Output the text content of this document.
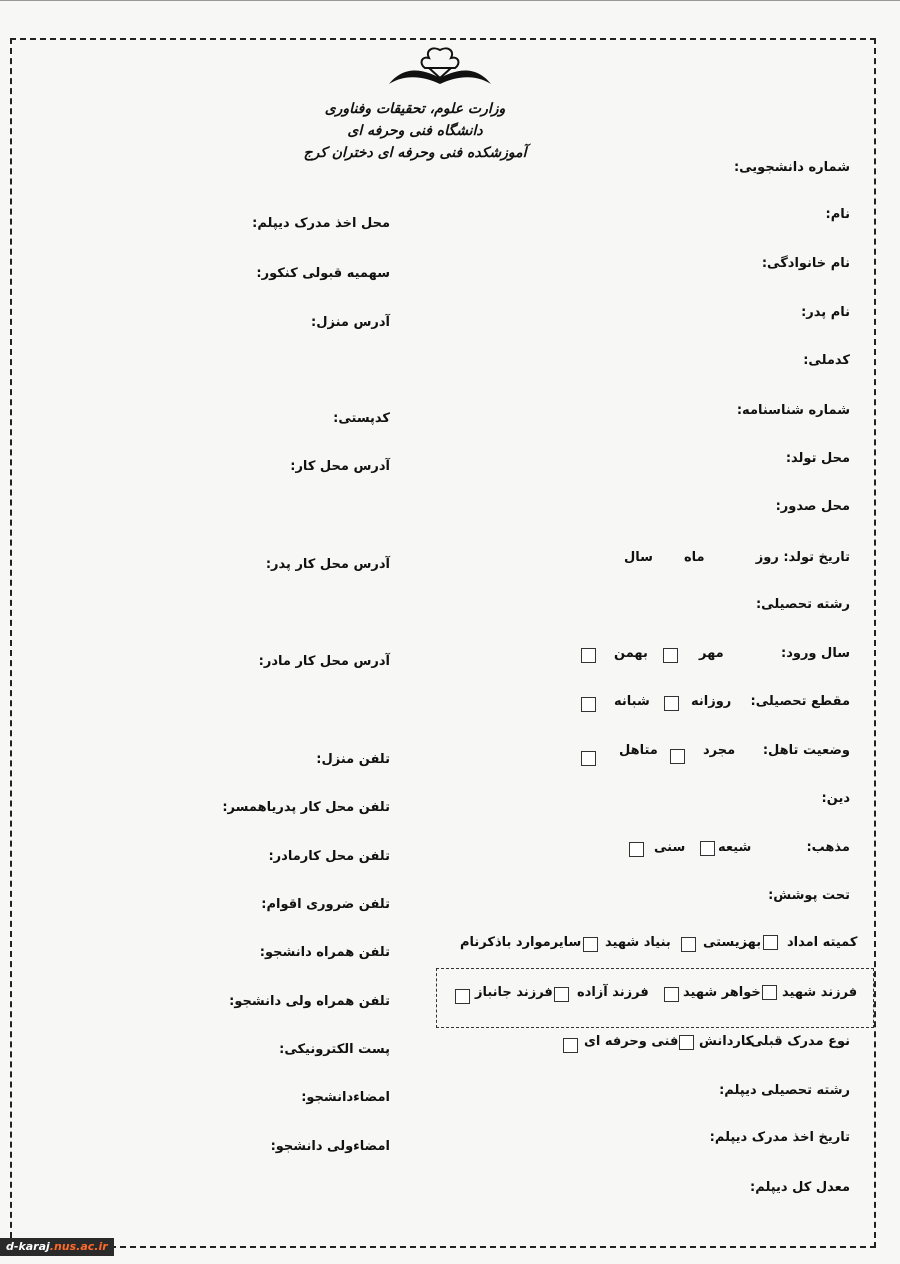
وزارت علوم، تحقیقات وفناوری
دانشگاه فنی وحرفه ای
آموزشکده فنی وحرفه ای دختران کرج
شماره دانشجویی:
نام:
نام خانوادگی:
نام پدر:
کدملی:
شماره شناسنامه:
محل تولد:
محل صدور:
تاریخ تولد: روز
ماه
سال
رشته تحصیلی:
سال ورود:
مهر
بهمن
مقطع تحصیلی:
روزانه
شبانه
وضعیت تاهل:
مجرد
متاهل
دین:
مذهب:
شیعه
سنی
تحت پوشش:
کمیته امداد
بهزیستی
بنیاد شهید
سایرموارد باذکرنام
فرزند شهید
خواهر شهید
فرزند آزاده
فرزند جانباز
نوع مدرک قبلی:
کاردانش
فنی وحرفه ای
رشته تحصیلی دیپلم:
تاریخ اخذ مدرک دیپلم:
معدل کل دیپلم:
محل اخذ مدرک دیپلم:
سهمیه قبولی کنکور:
آدرس منزل:
کدپستی:
آدرس محل کار:
آدرس محل کار پدر:
آدرس محل کار مادر:
تلفن منزل:
تلفن محل کار پدریاهمسر:
تلفن محل کارمادر:
تلفن ضروری اقوام:
تلفن همراه دانشجو:
تلفن همراه ولی دانشجو:
پست الکترونیکی:
امضاءدانشجو:
امضاءولی دانشجو:
d-karaj.nus.ac.ir
